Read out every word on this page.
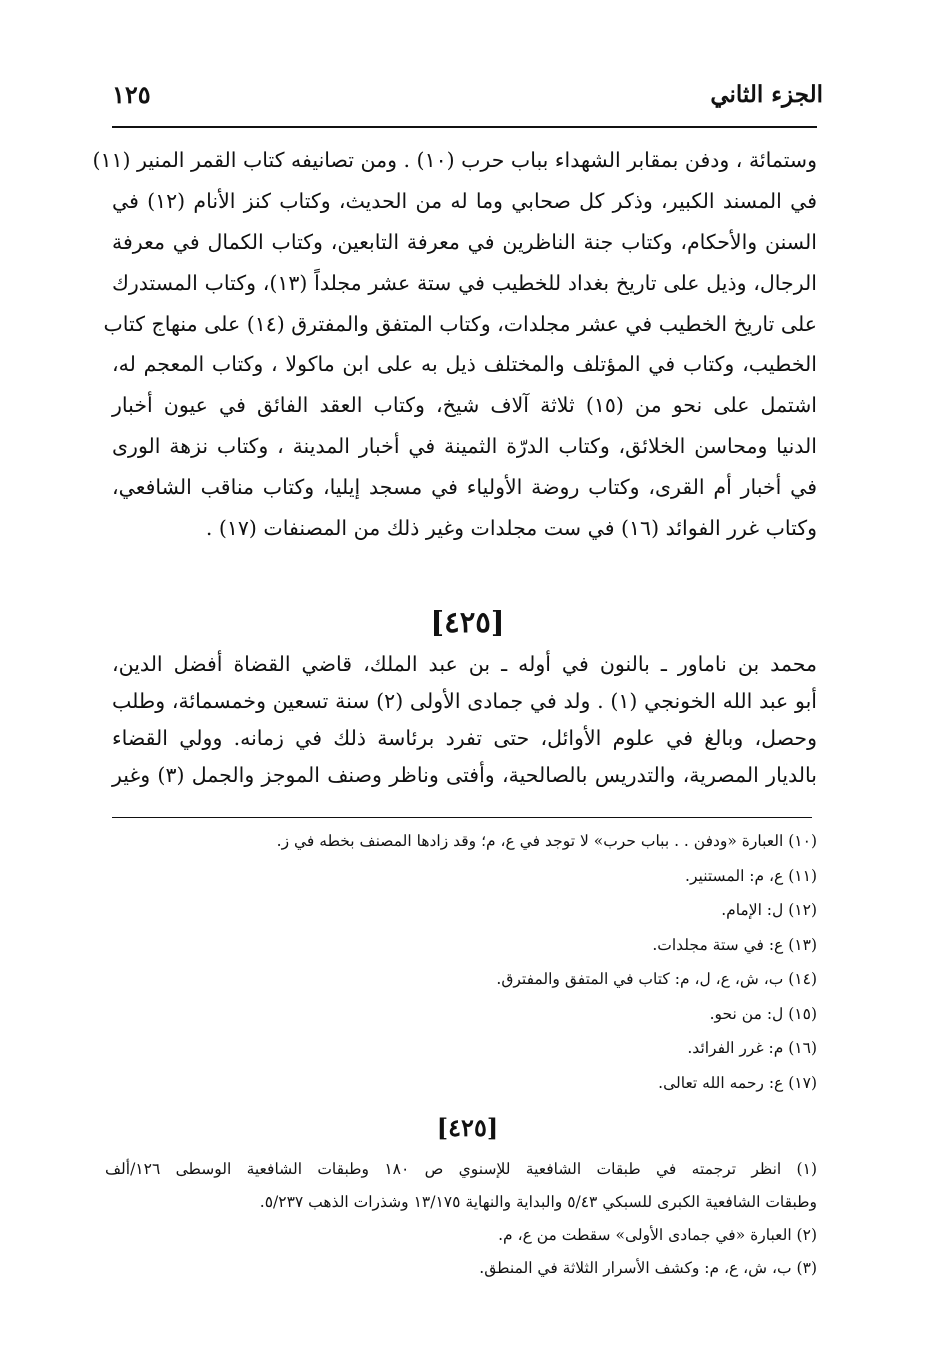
الجزء الثاني
١٢٥
وستمائة ، ودفن بمقابر الشهداء بباب حرب (١٠) . ومن تصانيفه كتاب القمر المنير (١١)
في المسند الكبير، وذكر كل صحابي وما له من الحديث، وكتاب كنز الأنام (١٢) في
السنن والأحكام، وكتاب جنة الناظرين في معرفة التابعين، وكتاب الكمال في معرفة
الرجال، وذيل على تاريخ بغداد للخطيب في ستة عشر مجلداً (١٣)، وكتاب المستدرك
على تاريخ الخطيب في عشر مجلدات، وكتاب المتفق والمفترق (١٤) على منهاج كتاب
الخطيب، وكتاب في المؤتلف والمختلف ذيل به على ابن ماكولا ، وكتاب المعجم له،
اشتمل على نحو من (١٥) ثلاثة آلاف شيخ، وكتاب العقد الفائق في عيون أخبار
الدنيا ومحاسن الخلائق، وكتاب الدرّة الثمينة في أخبار المدينة ، وكتاب نزهة الورى
في أخبار أم القرى، وكتاب روضة الأولياء في مسجد إيليا، وكتاب مناقب الشافعي،
وكتاب غرر الفوائد (١٦) في ست مجلدات وغير ذلك من المصنفات (١٧) .
[٤٢٥]
محمد بن ناماور ـ بالنون في أوله ـ بن عبد الملك، قاضي القضاة أفضل الدين،
أبو عبد الله الخونجي (١) . ولد في جمادى الأولى (٢) سنة تسعين وخمسمائة، وطلب
وحصل، وبالغ في علوم الأوائل، حتى تفرد برئاسة ذلك في زمانه. وولي القضاء
بالديار المصرية، والتدريس بالصالحية، وأفتى وناظر وصنف الموجز والجمل (٣) وغير
(١٠) العبارة «ودفن . . بباب حرب» لا توجد في ع، م؛ وقد زادها المصنف بخطه في ز.
(١١) ع، م: المستنير.
(١٢) ل: الإمام.
(١٣) ع: في ستة مجلدات.
(١٤) ب، ش، ع، ل، م: كتاب في المتفق والمفترق.
(١٥) ل: من نحو.
(١٦) م: غرر الفرائد.
(١٧) ع: رحمه الله تعالى.
[٤٢٥]
(١) انظر ترجمته في طبقات الشافعية للإسنوي ص ١٨٠ وطبقات الشافعية الوسطى ١٢٦/ألف
وطبقات الشافعية الكبرى للسبكي ٥/٤٣ والبداية والنهاية ١٣/١٧٥ وشذرات الذهب ٥/٢٣٧.
(٢) العبارة «في جمادى الأولى» سقطت من ع، م.
(٣) ب، ش، ع، م: وكشف الأسرار الثلاثة في المنطق.
